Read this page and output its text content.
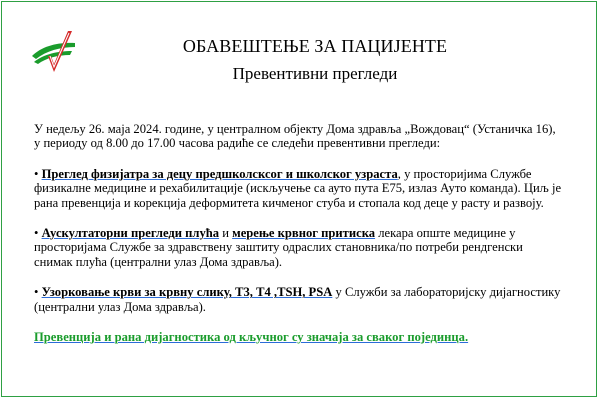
ОБАВЕШТЕЊЕ ЗА ПАЦИЈЕНТЕ
Превентивни прегледи

У недељу 26. маја 2024. године, у централном објекту Дома здравља „Вождовац“ (Устаничка 16), у периоду од 8.00 до 17.00 часова радиће се следећи превентивни прегледи:

• Преглед физијатра за децу предшколсксог и школског узраста, у просторијима Службе физикалне медицине и рехабилитације (искључење са ауто пута Е75, излаз Ауто команда). Циљ је рана превенција и корекција деформитета кичменог стуба и стопала код деце у расту и развоју.

• Аускултаторни прегледи плућа и мерење крвног притиска лекара опште медицине у просторијама Службе за здравствену заштиту одраслих становника/по потреби рендгенски снимак плућа (централни улаз Дома здравља).

• Узорковање крви за крвну слику, Т3, Т4 ,TSH, PSA у Служби за лабораторијску дијагностику (централни улаз Дома здравља).

Превенција и рана дијагностика од кључног су значаја за сваког појединца.
